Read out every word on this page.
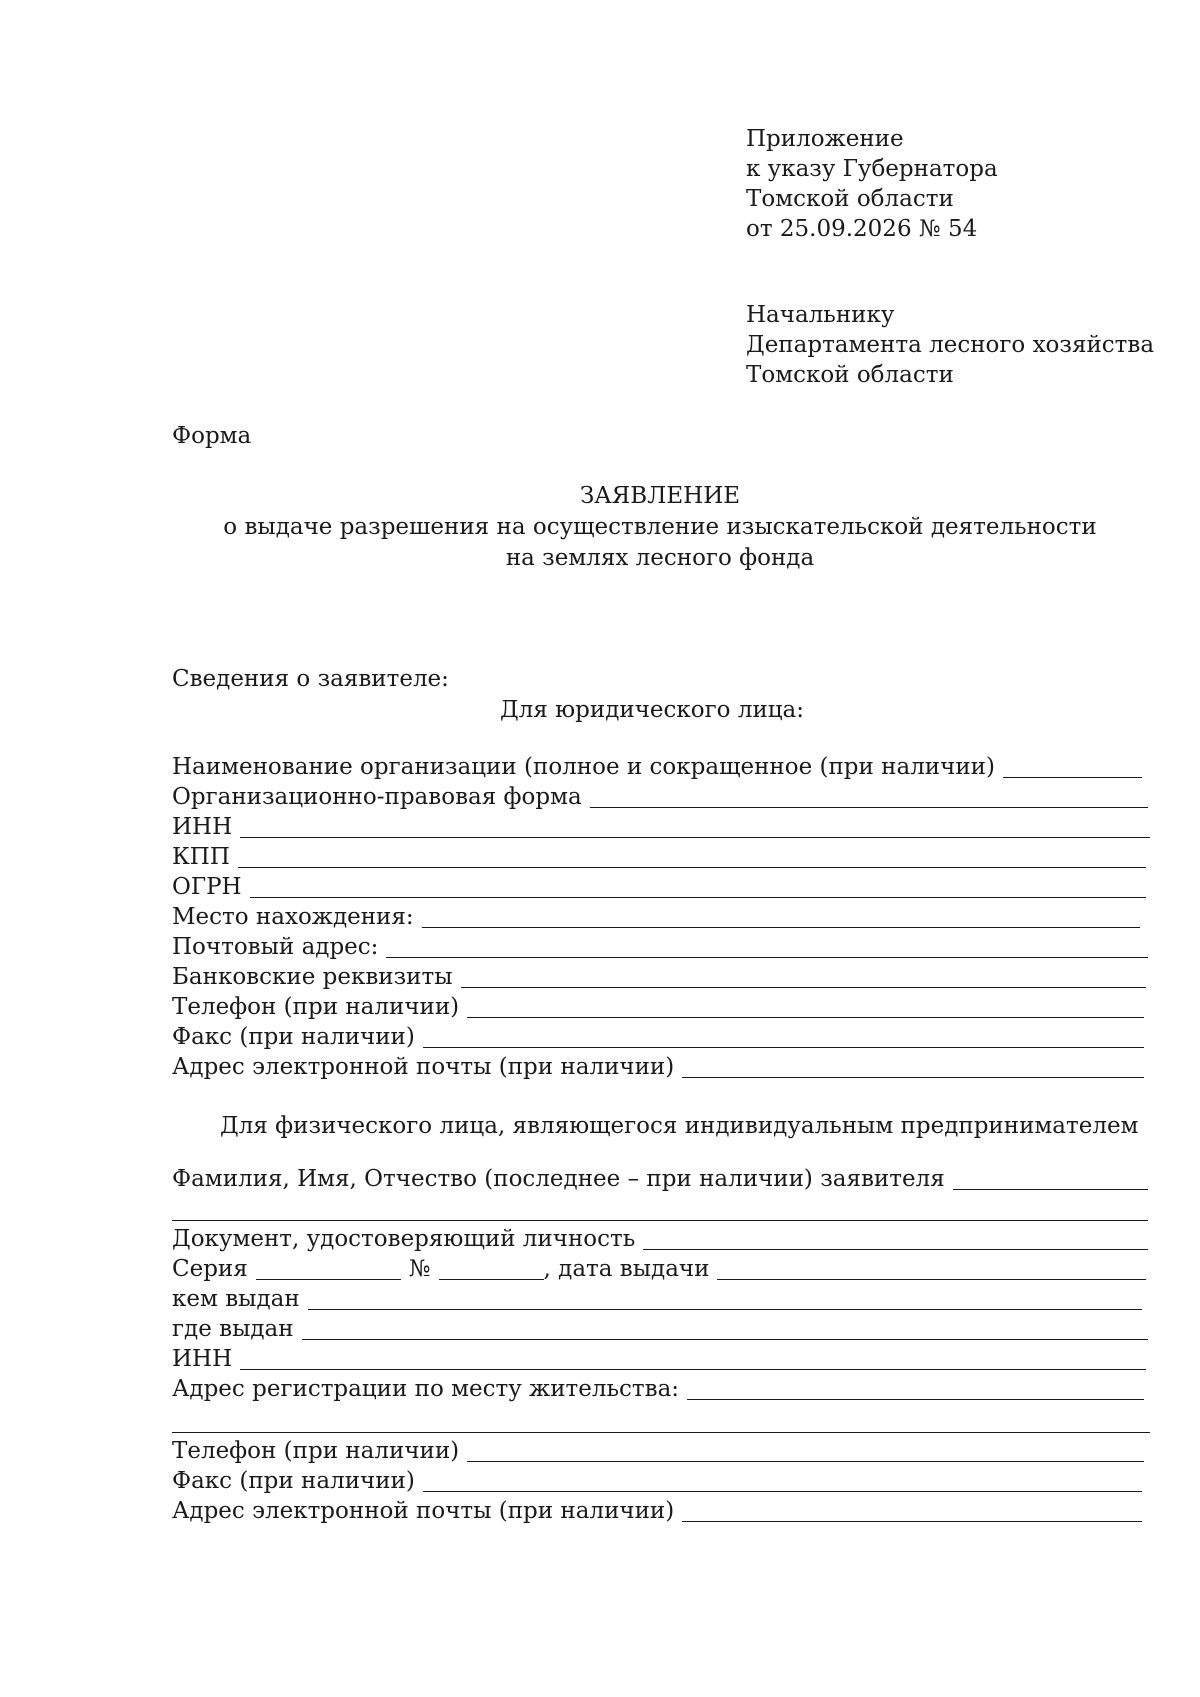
Приложение
к указу Губернатора
Томской области
от 25.09.2026 № 54
Начальнику
Департамента лесного хозяйства
Томской области
Форма
ЗАЯВЛЕНИЕ
о выдаче разрешения на осуществление изыскательской деятельности
на землях лесного фонда
Сведения о заявителе:
Для юридического лица:
Наименование организации (полное и сокращенное (при наличии)
Организационно-правовая форма
ИНН
КПП
ОГРН
Место нахождения:
Почтовый адрес:
Банковские реквизиты
Телефон (при наличии)
Факс (при наличии)
Адрес электронной почты (при наличии)
Для физического лица, являющегося индивидуальным предпринимателем
Фамилия, Имя, Отчество (последнее – при наличии) заявителя
Документ, удостоверяющий личность
Серия	№	, дата выдачи
кем выдан
где выдан
ИНН
Адрес регистрации по месту жительства:
Телефон (при наличии)
Факс (при наличии)
Адрес электронной почты (при наличии)
